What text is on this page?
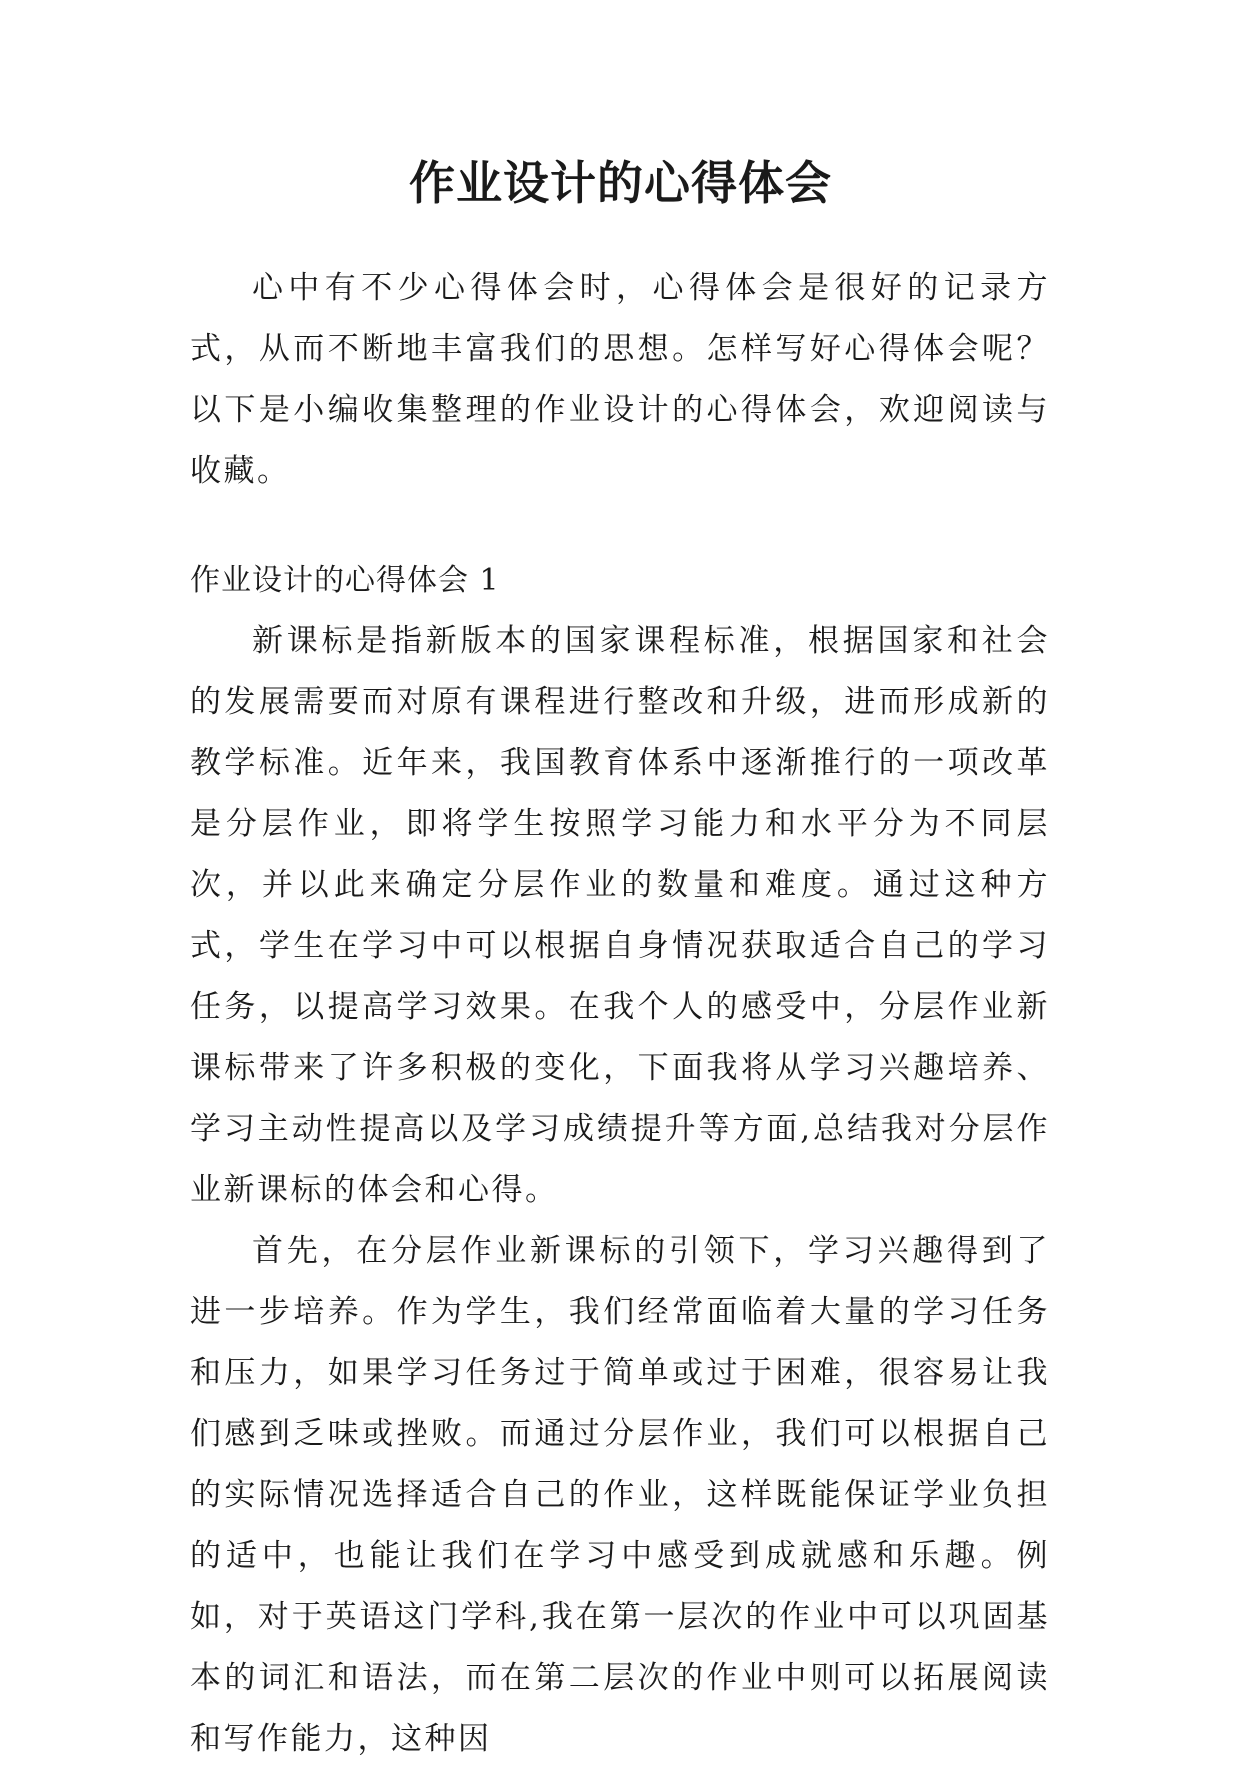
作业设计的心得体会

心中有不少心得体会时，心得体会是很好的记录方式，从而不断地丰富我们的思想。怎样写好心得体会呢？以下是小编收集整理的作业设计的心得体会，欢迎阅读与收藏。

作业设计的心得体会 1

新课标是指新版本的国家课程标准，根据国家和社会的发展需要而对原有课程进行整改和升级，进而形成新的教学标准。近年来，我国教育体系中逐渐推行的一项改革是分层作业，即将学生按照学习能力和水平分为不同层次，并以此来确定分层作业的数量和难度。通过这种方式，学生在学习中可以根据自身情况获取适合自己的学习任务，以提高学习效果。在我个人的感受中，分层作业新课标带来了许多积极的变化，下面我将从学习兴趣培养、学习主动性提高以及学习成绩提升等方面,总结我对分层作业新课标的体会和心得。

首先，在分层作业新课标的引领下，学习兴趣得到了进一步培养。作为学生，我们经常面临着大量的学习任务和压力，如果学习任务过于简单或过于困难，很容易让我们感到乏味或挫败。而通过分层作业，我们可以根据自己的实际情况选择适合自己的作业，这样既能保证学业负担的适中，也能让我们在学习中感受到成就感和乐趣。例如，对于英语这门学科,我在第一层次的作业中可以巩固基本的词汇和语法，而在第二层次的作业中则可以拓展阅读和写作能力，这种因
